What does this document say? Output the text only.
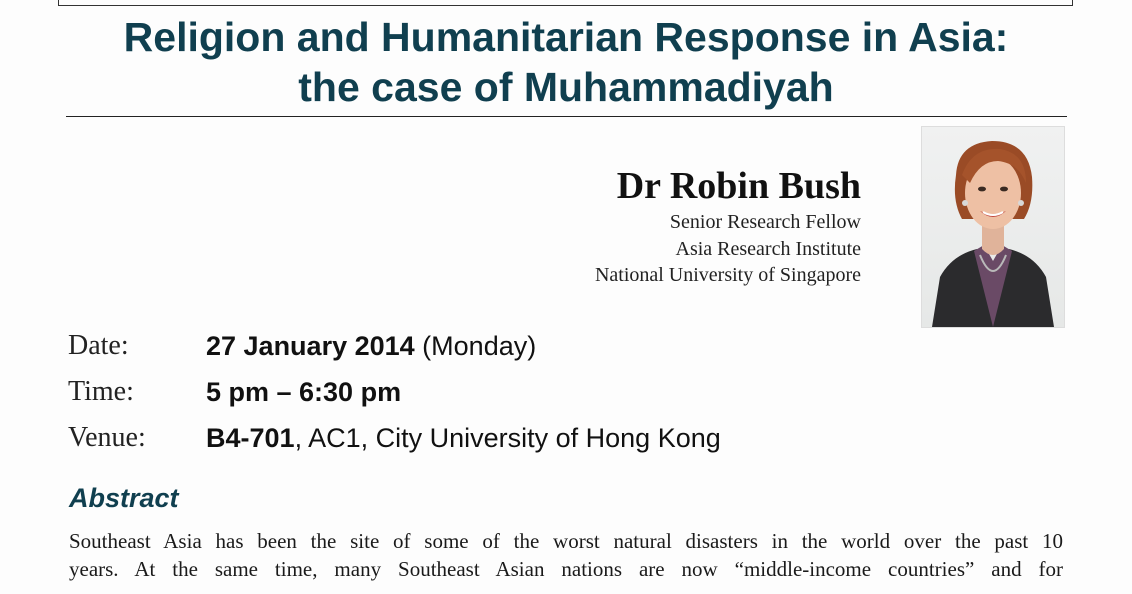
Religion and Humanitarian Response in Asia:
the case of Muhammadiyah
Dr Robin Bush
Senior Research Fellow
Asia Research Institute
National University of Singapore
Date:	27 January 2014 (Monday)
Time:	5 pm – 6:30 pm
Venue: B4-701, AC1, City University of Hong Kong
Abstract
Southeast Asia has been the site of some of the worst natural disasters in the world over the past 10
years. At the same time, many Southeast Asian nations are now “middle-income countries” and for
